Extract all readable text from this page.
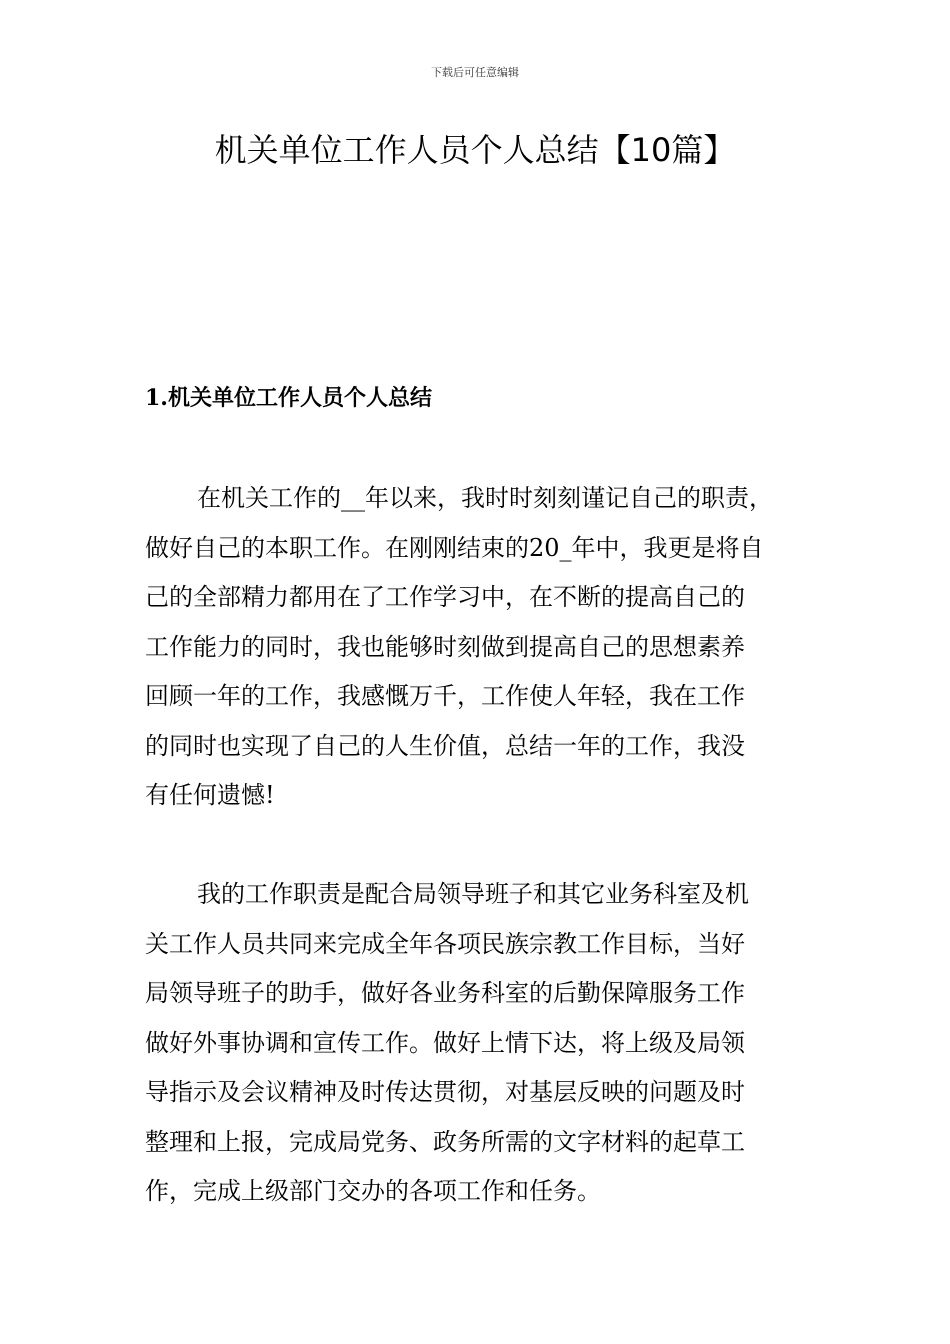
下载后可任意编辑
机关单位工作人员个人总结【10篇】
1.机关单位工作人员个人总结
在机关工作的__年以来，我时时刻刻谨记自己的职责，
做好自己的本职工作。在刚刚结束的20_年中，我更是将自
己的全部精力都用在了工作学习中，在不断的提高自己的
工作能力的同时，我也能够时刻做到提高自己的思想素养
回顾一年的工作，我感慨万千，工作使人年轻，我在工作
的同时也实现了自己的人生价值，总结一年的工作，我没
有任何遗憾!
我的工作职责是配合局领导班子和其它业务科室及机
关工作人员共同来完成全年各项民族宗教工作目标，当好
局领导班子的助手，做好各业务科室的后勤保障服务工作
做好外事协调和宣传工作。做好上情下达，将上级及局领
导指示及会议精神及时传达贯彻，对基层反映的问题及时
整理和上报，完成局党务、政务所需的文字材料的起草工
作，完成上级部门交办的各项工作和任务。
